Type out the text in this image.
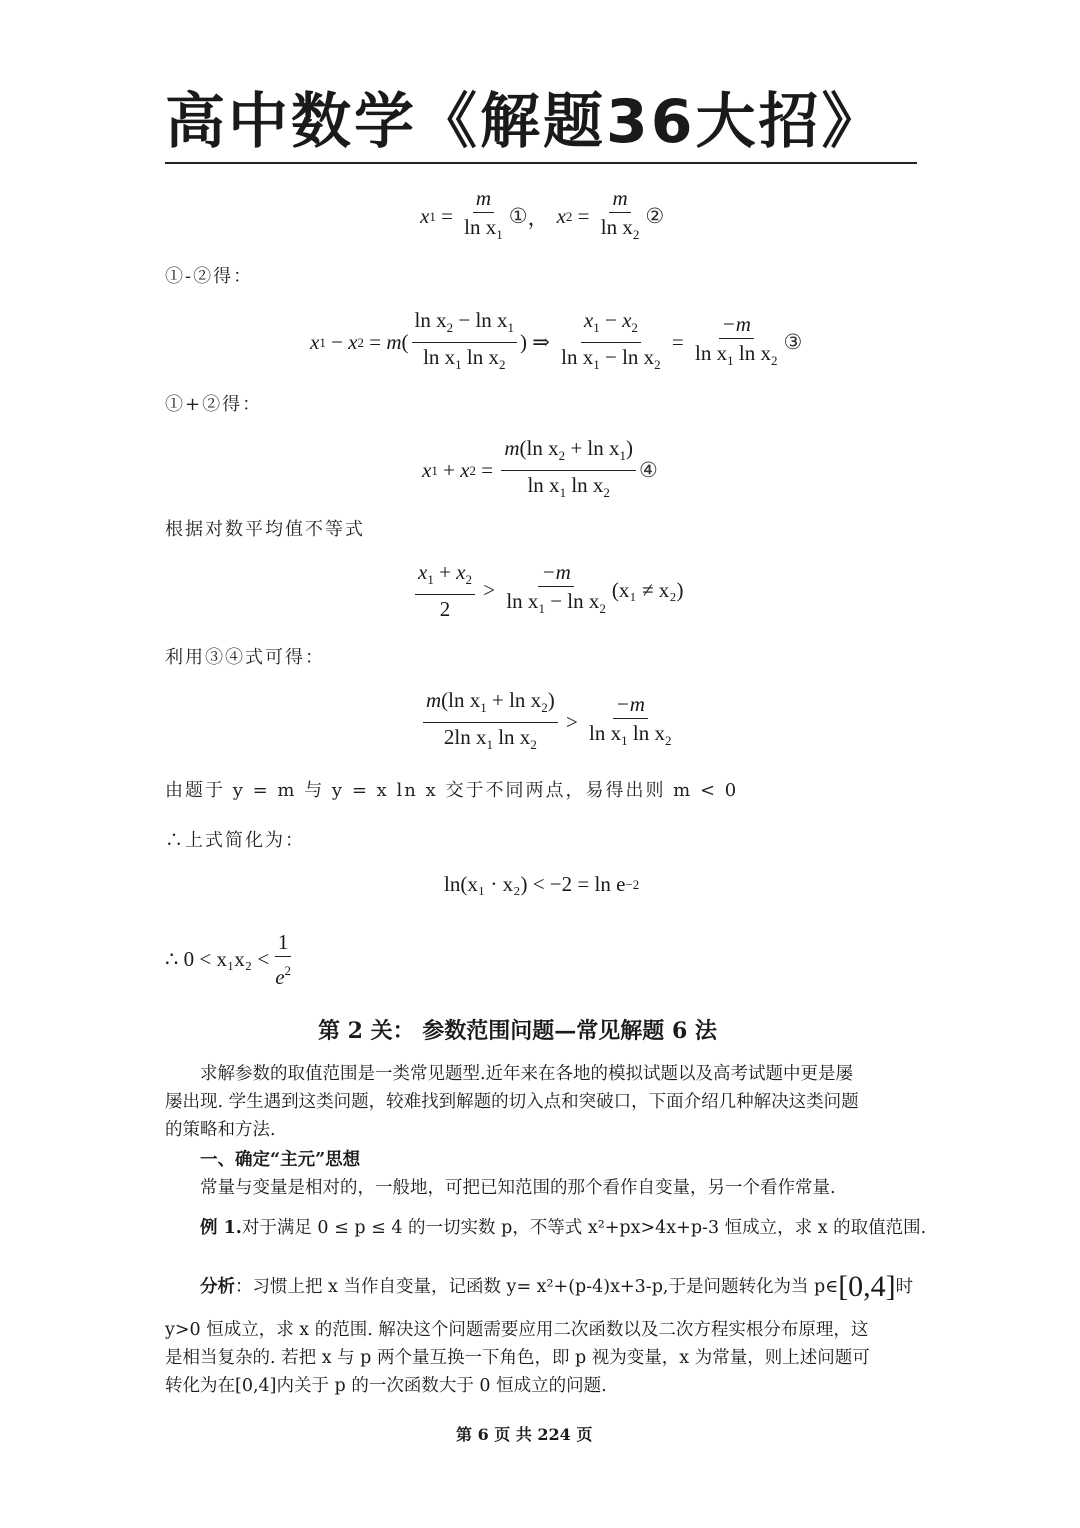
高中数学《解题36大招》
x $1 = \frac{m}{\ln x_1}$ ① ， x $2 = \frac{m}{\ln x_2}$ ②
①-②得：
x 1 − x 2 = m ( $\frac{\ln x_2 - \ln x_1}{\ln x_1 \ln x_2}$ ) ⇒ $\frac{x_1 - x_2}{\ln x_1 - \ln x_2} = \frac{-m}{\ln x_1 \ln x_2}$ ③
①+②得：
x 1 + x $2 = \frac{m(\ln x_2 + \ln x_1)}{\ln x_1 \ln x_2}$ ④
根据对数平均值不等式
$\frac{x_1 + x_2}{2} > \frac{-m}{\ln x_1 - \ln x_2} (x_1 \ne x_2)$
利用③④式可得：
$\frac{m(\ln x_1 + \ln x_2)}{2\ln x_1 \ln x_2} > \frac{-m}{\ln x_1 \ln x_2}$
由题于 y = m 与 y = x ln x 交于不同两点，易得出则 m < 0
∴上式简化为：
ln(x₁ · x₂) < −2 = ln e −2
∴ $0 < x_1x_2 < \frac{1}{e^2}$
第 2 关： 参数范围问题—常见解题 6 法
求解参数的取值范围是一类常见题型.近年来在各地的模拟试题以及高考试题中更是屡
屡出现. 学生遇到这类问题，较难找到解题的切入点和突破口，下面介绍几种解决这类问题
的策略和方法.
一、确定“主元”思想
常量与变量是相对的，一般地，可把已知范围的那个看作自变量，另一个看作常量.
例 1.对于满足 0 ≤ p ≤ 4 的一切实数 p，不等式 x²+px>4x+p-3 恒成立，求 x 的取值范围.
分析：习惯上把 x 当作自变量，记函数 y= x²+(p-4)x+3-p,于是问题转化为当 p∈[0,4]时
y>0 恒成立，求 x 的范围. 解决这个问题需要应用二次函数以及二次方程实根分布原理，这
是相当复杂的. 若把 x 与 p 两个量互换一下角色，即 p 视为变量，x 为常量，则上述问题可
转化为在[0,4]内关于 p 的一次函数大于 0 恒成立的问题.
第 6 页 共 224 页
